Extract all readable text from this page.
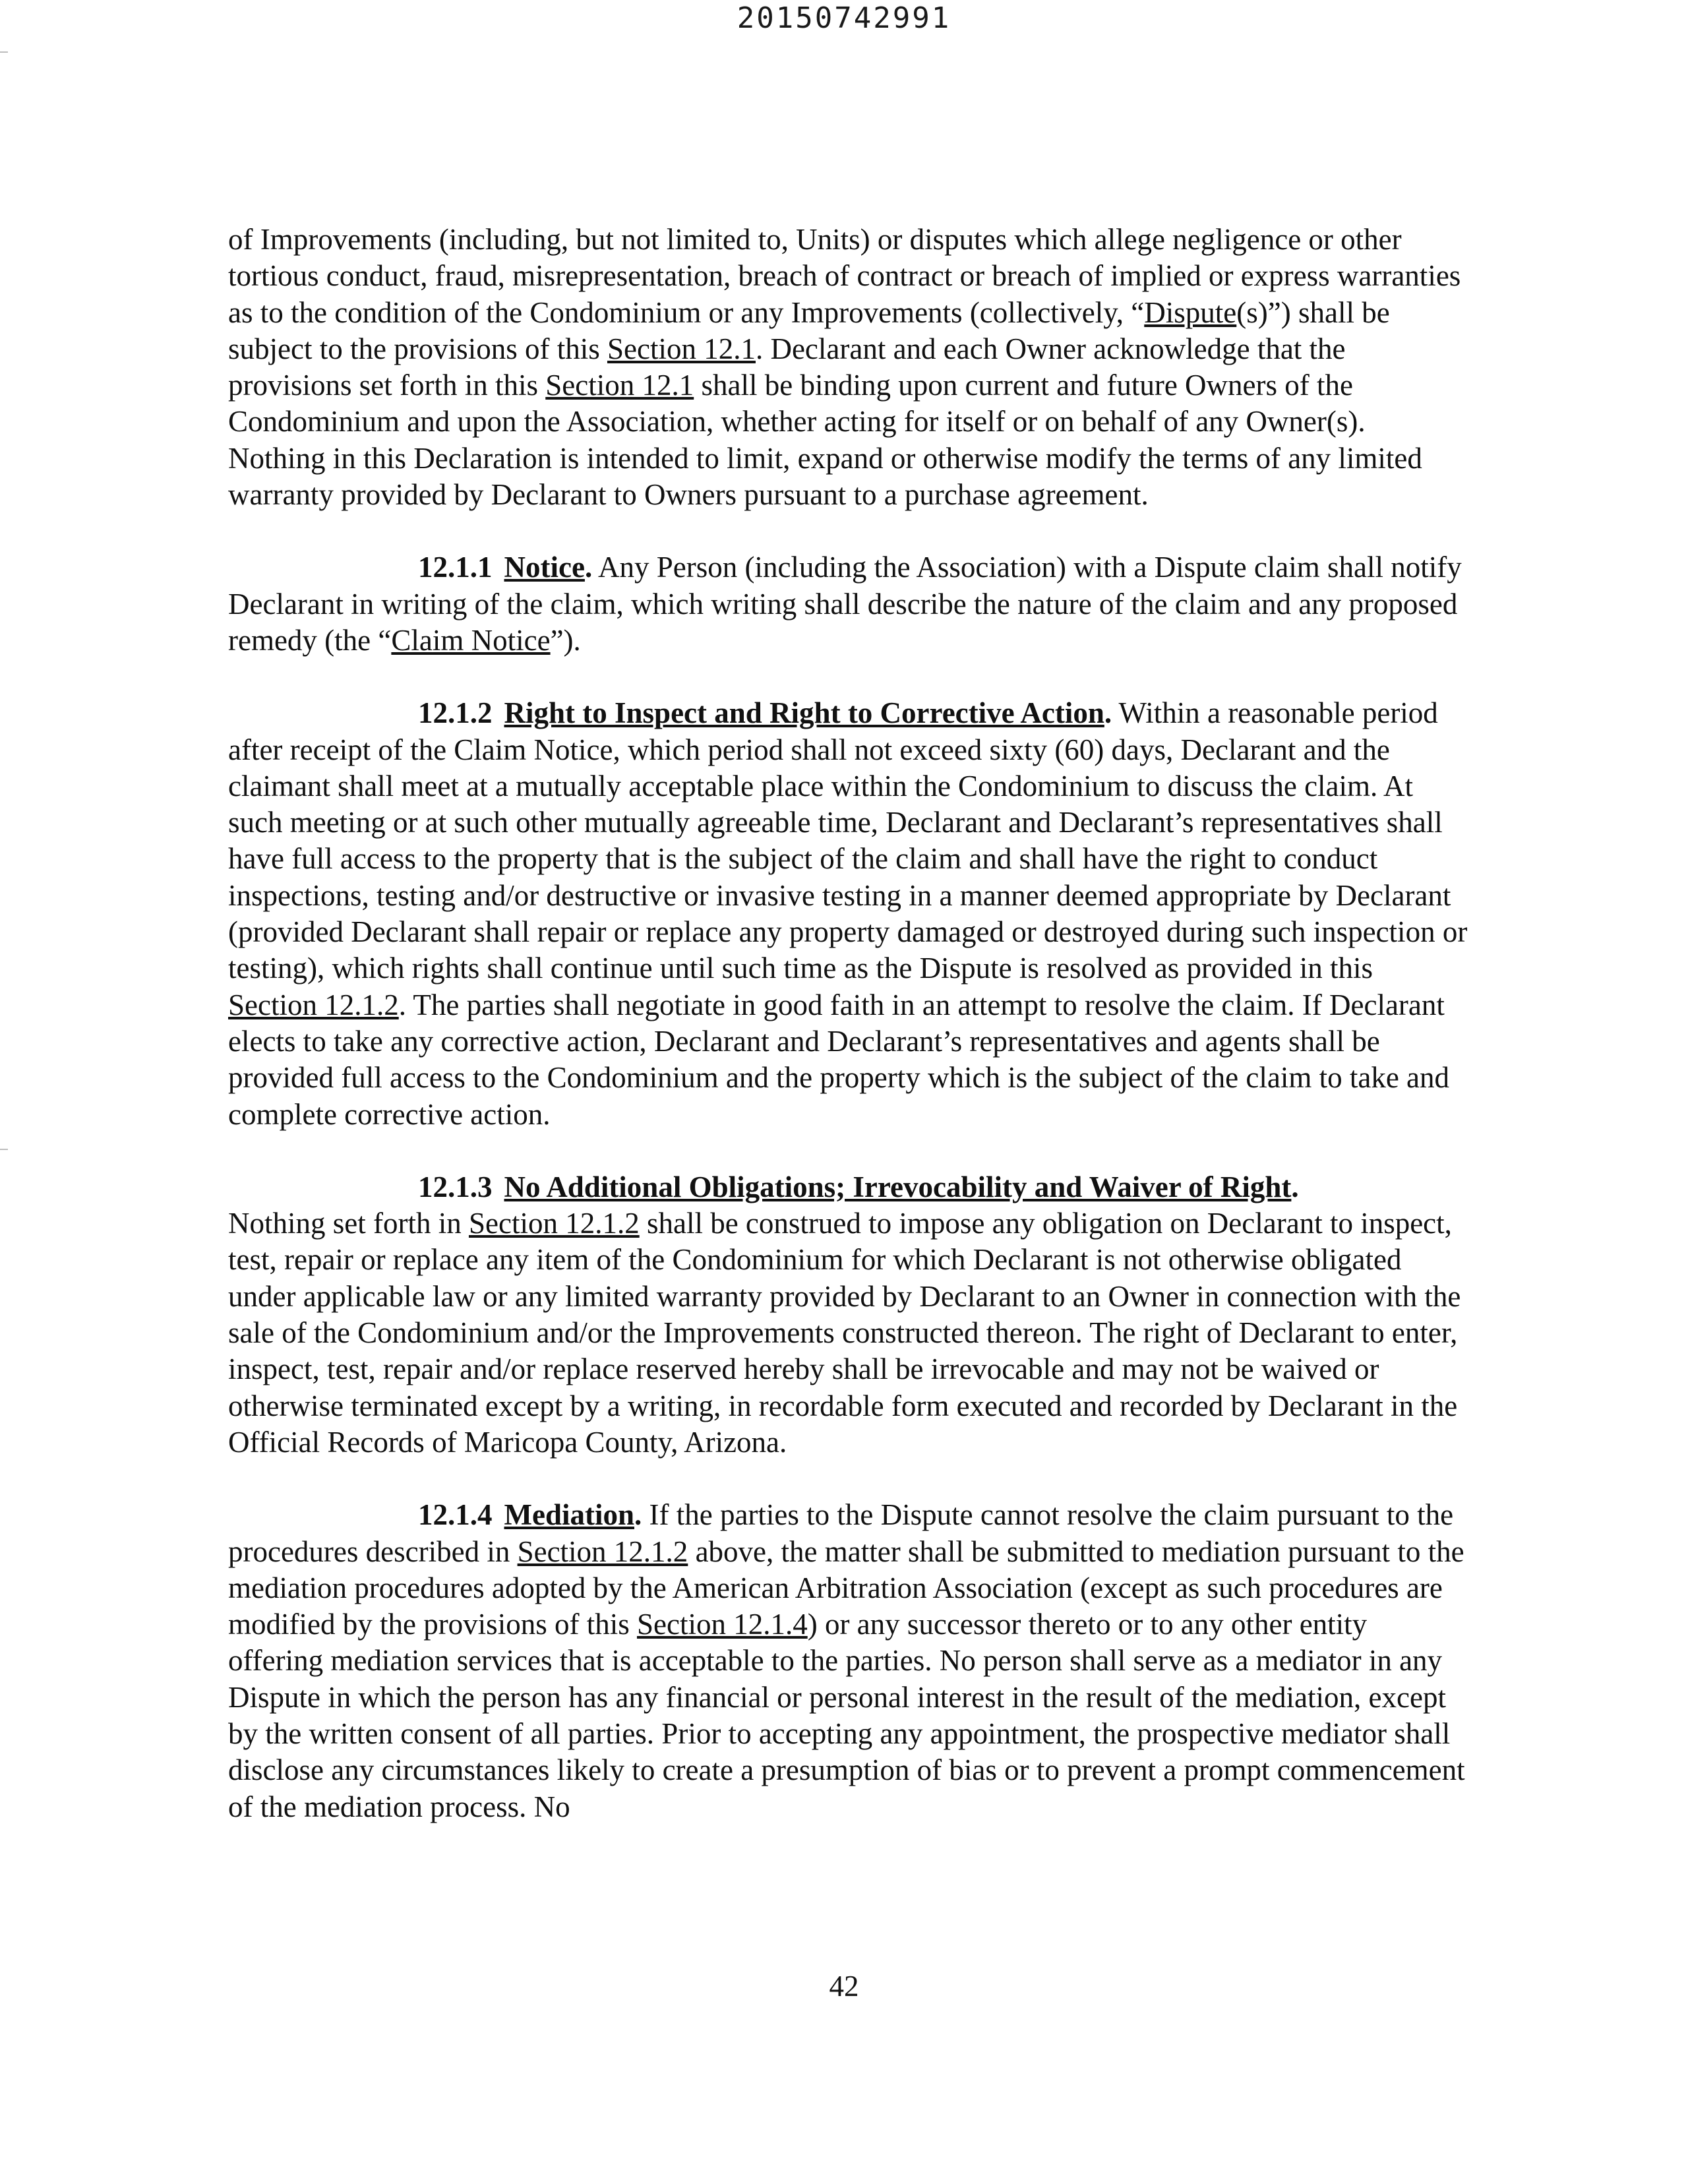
20150742991

of Improvements (including, but not limited to, Units) or disputes which allege negligence or other tortious conduct, fraud, misrepresentation, breach of contract or breach of implied or express warranties as to the condition of the Condominium or any Improvements (collectively, “Dispute(s)”) shall be subject to the provisions of this Section 12.1. Declarant and each Owner acknowledge that the provisions set forth in this Section 12.1 shall be binding upon current and future Owners of the Condominium and upon the Association, whether acting for itself or on behalf of any Owner(s). Nothing in this Declaration is intended to limit, expand or otherwise modify the terms of any limited warranty provided by Declarant to Owners pursuant to a purchase agreement.

12.1.1 Notice. Any Person (including the Association) with a Dispute claim shall notify Declarant in writing of the claim, which writing shall describe the nature of the claim and any proposed remedy (the “Claim Notice”).

12.1.2 Right to Inspect and Right to Corrective Action. Within a reasonable period after receipt of the Claim Notice, which period shall not exceed sixty (60) days, Declarant and the claimant shall meet at a mutually acceptable place within the Condominium to discuss the claim. At such meeting or at such other mutually agreeable time, Declarant and Declarant’s representatives shall have full access to the property that is the subject of the claim and shall have the right to conduct inspections, testing and/or destructive or invasive testing in a manner deemed appropriate by Declarant (provided Declarant shall repair or replace any property damaged or destroyed during such inspection or testing), which rights shall continue until such time as the Dispute is resolved as provided in this Section 12.1.2. The parties shall negotiate in good faith in an attempt to resolve the claim. If Declarant elects to take any corrective action, Declarant and Declarant’s representatives and agents shall be provided full access to the Condominium and the property which is the subject of the claim to take and complete corrective action.

12.1.3 No Additional Obligations; Irrevocability and Waiver of Right.
Nothing set forth in Section 12.1.2 shall be construed to impose any obligation on Declarant to inspect, test, repair or replace any item of the Condominium for which Declarant is not otherwise obligated under applicable law or any limited warranty provided by Declarant to an Owner in connection with the sale of the Condominium and/or the Improvements constructed thereon. The right of Declarant to enter, inspect, test, repair and/or replace reserved hereby shall be irrevocable and may not be waived or otherwise terminated except by a writing, in recordable form executed and recorded by Declarant in the Official Records of Maricopa County, Arizona.

12.1.4 Mediation. If the parties to the Dispute cannot resolve the claim pursuant to the procedures described in Section 12.1.2 above, the matter shall be submitted to mediation pursuant to the mediation procedures adopted by the American Arbitration Association (except as such procedures are modified by the provisions of this Section 12.1.4) or any successor thereto or to any other entity offering mediation services that is acceptable to the parties. No person shall serve as a mediator in any Dispute in which the person has any financial or personal interest in the result of the mediation, except by the written consent of all parties. Prior to accepting any appointment, the prospective mediator shall disclose any circumstances likely to create a presumption of bias or to prevent a prompt commencement of the mediation process. No

42
